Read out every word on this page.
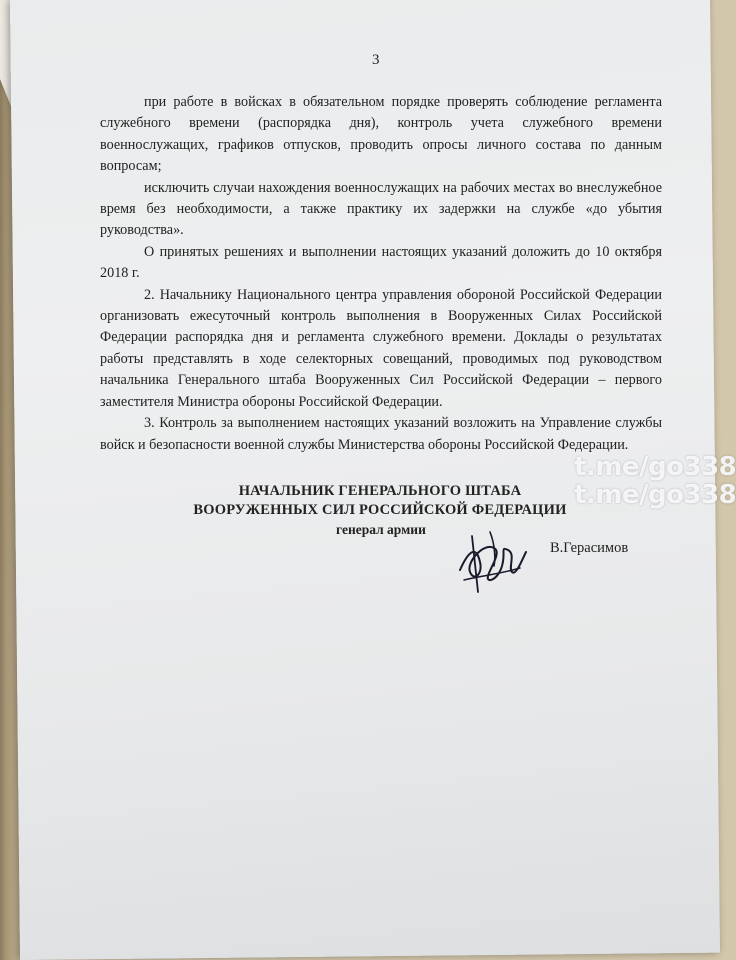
3

при работе в войсках в обязательном порядке проверять соблюдение регламента служебного времени (распорядка дня), контроль учета служебного времени военнослужащих, графиков отпусков, проводить опросы личного состава по данным вопросам;

исключить случаи нахождения военнослужащих на рабочих местах во внеслужебное время без необходимости, а также практику их задержки на службе «до убытия руководства».

О принятых решениях и выполнении настоящих указаний доложить до 10 октября 2018 г.

2. Начальнику Национального центра управления обороной Российской Федерации организовать ежесуточный контроль выполнения в Вооруженных Силах Российской Федерации распорядка дня и регламента служебного времени. Доклады о результатах работы представлять в ходе селекторных совещаний, проводимых под руководством начальника Генерального штаба Вооруженных Сил Российской Федерации – первого заместителя Министра обороны Российской Федерации.

3. Контроль за выполнением настоящих указаний возложить на Управление службы войск и безопасности военной службы Министерства обороны Российской Федерации.

НАЧАЛЬНИК ГЕНЕРАЛЬНОГО ШТАБА
ВООРУЖЕННЫХ СИЛ РОССИЙСКОЙ ФЕДЕРАЦИИ
генерал армии
В.Герасимов
t.me/go338
t.me/go338
